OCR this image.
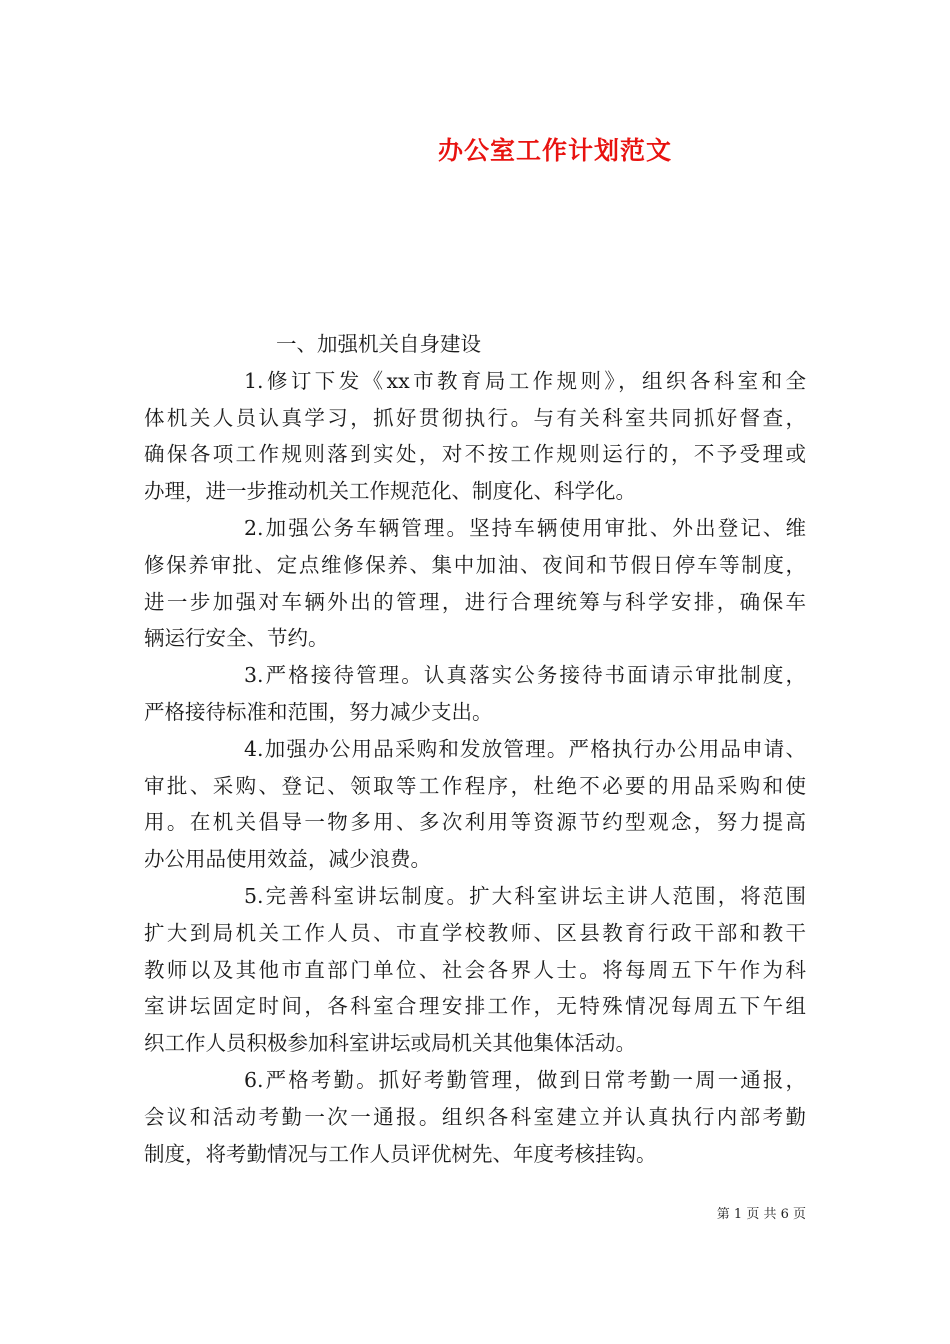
办公室工作计划范文
一、加强机关自身建设
1.修订下发《xx市教育局工作规则》，组织各科室和全
体机关人员认真学习，抓好贯彻执行。与有关科室共同抓好督查，
确保各项工作规则落到实处，对不按工作规则运行的，不予受理或
办理，进一步推动机关工作规范化、制度化、科学化。
2.加强公务车辆管理。坚持车辆使用审批、外出登记、维
修保养审批、定点维修保养、集中加油、夜间和节假日停车等制度，
进一步加强对车辆外出的管理，进行合理统筹与科学安排，确保车
辆运行安全、节约。
3.严格接待管理。认真落实公务接待书面请示审批制度，
严格接待标准和范围，努力减少支出。
4.加强办公用品采购和发放管理。严格执行办公用品申请、
审批、采购、登记、领取等工作程序，杜绝不必要的用品采购和使
用。在机关倡导一物多用、多次利用等资源节约型观念，努力提高
办公用品使用效益，减少浪费。
5.完善科室讲坛制度。扩大科室讲坛主讲人范围，将范围
扩大到局机关工作人员、市直学校教师、区县教育行政干部和教干
教师以及其他市直部门单位、社会各界人士。将每周五下午作为科
室讲坛固定时间，各科室合理安排工作，无特殊情况每周五下午组
织工作人员积极参加科室讲坛或局机关其他集体活动。
6.严格考勤。抓好考勤管理，做到日常考勤一周一通报，
会议和活动考勤一次一通报。组织各科室建立并认真执行内部考勤
制度，将考勤情况与工作人员评优树先、年度考核挂钩。
第 1 页 共 6 页
